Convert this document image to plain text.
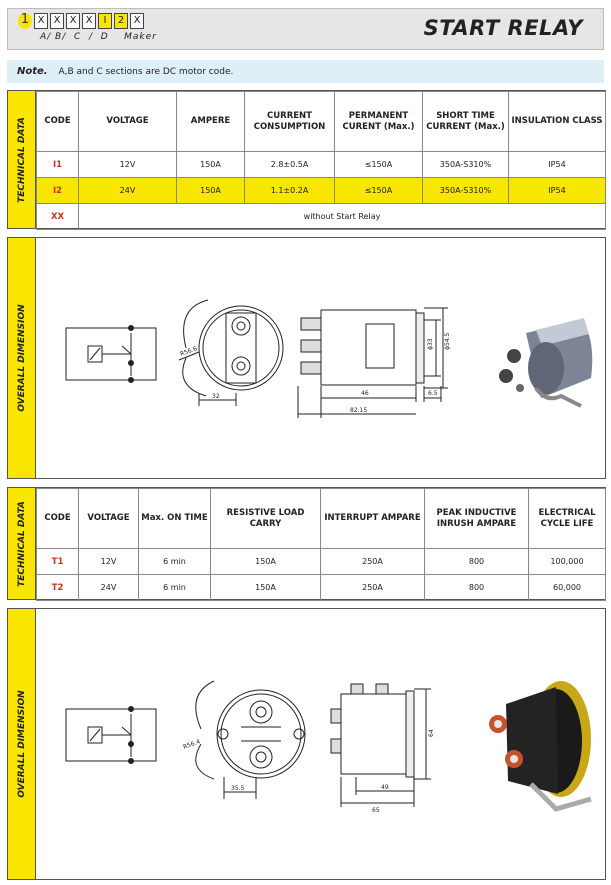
1 X X X X	I	2 X
A/ B/  C  /  D    Maker	START RELAY
Note. A,B and C sections are DC motor code.
TECHNICAL DATA CODE	VOLTAGE	AMPERE	CURRENT CONSUMPTION	PERMANENT CURENT (Max.)	SHORT TIME CURRENT (Max.)	INSULATION CLASS
I1	12V	150A	2.8±0.5A	≤150A	350A-S310%	IP54
I2	24V	150A	1.1±0.2A	≤150A	350A-S310%	IP54
XX	without Start Relay					
OVERALL DIMENSION	R56.6
32	46	6.5
82.15
ϕ33 ϕ54.5
TECHNICAL DATA CODE	VOLTAGE	Max. ON TIME	RESISTIVE LOAD CARRY	INTERRUPT AMPARE	PEAK INDUCTIVE INRUSH AMPARE	ELECTRICAL CYCLE LIFE
T1	12V	6 min	150A	250A	800	100,000
T2	24V	6 min	150A	250A	800	60,000
OVERALL DIMENSION	R56.4
35.5	49
65
64
